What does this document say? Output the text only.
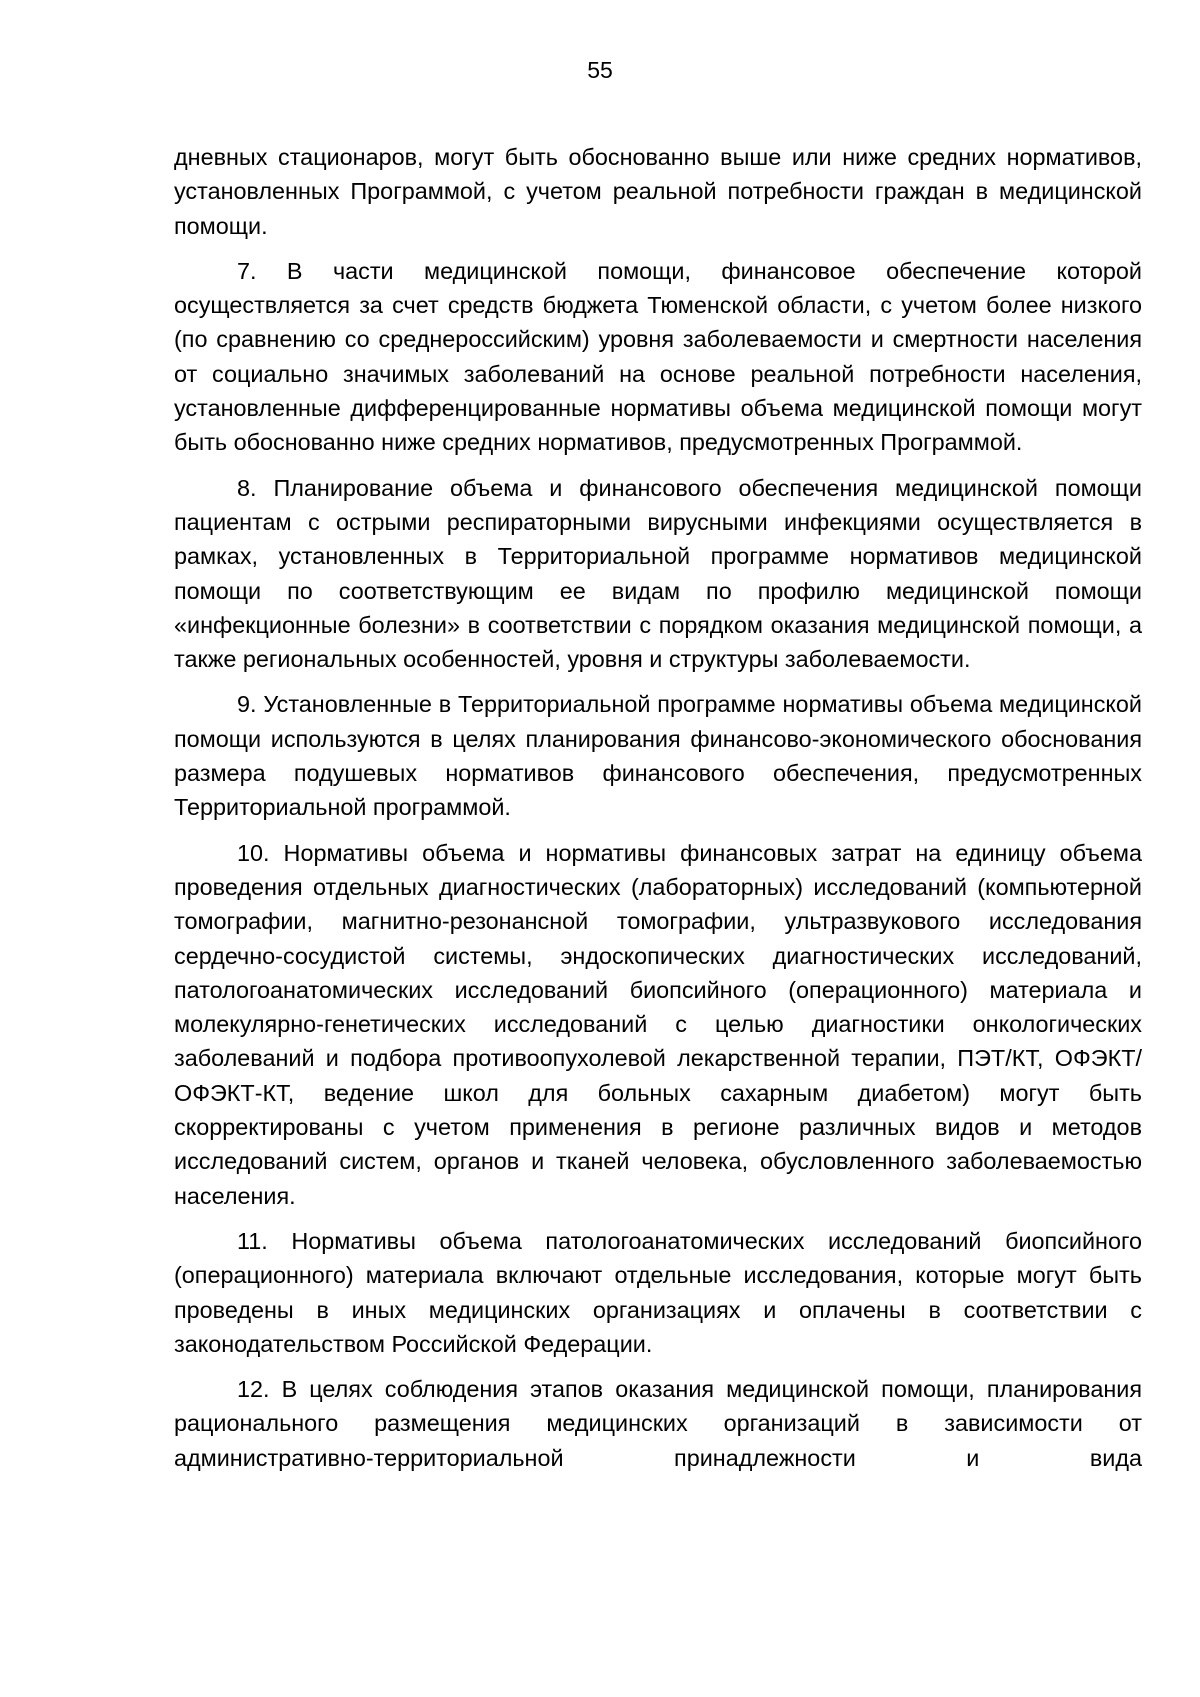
55

дневных стационаров, могут быть обоснованно выше или ниже средних нормативов, установленных Программой, с учетом реальной потребности граждан в медицинской помощи.

7. В части медицинской помощи, финансовое обеспечение которой осуществляется за счет средств бюджета Тюменской области, с учетом более низкого (по сравнению со среднероссийским) уровня заболеваемости и смертности населения от социально значимых заболеваний на основе реальной потребности населения, установленные дифференцированные нормативы объема медицинской помощи могут быть обоснованно ниже средних нормативов, предусмотренных Программой.

8. Планирование объема и финансового обеспечения медицинской помощи пациентам с острыми респираторными вирусными инфекциями осуществляется в рамках, установленных в Территориальной программе нормативов медицинской помощи по соответствующим ее видам по профилю медицинской помощи «инфекционные болезни» в соответствии с порядком оказания медицинской помощи, а также региональных особенностей, уровня и структуры заболеваемости.

9. Установленные в Территориальной программе нормативы объема медицинской помощи используются в целях планирования финансово-экономического обоснования размера подушевых нормативов финансового обеспечения, предусмотренных Территориальной программой.

10. Нормативы объема и нормативы финансовых затрат на единицу объема проведения отдельных диагностических (лабораторных) исследований (компьютерной томографии, магнитно-резонансной томографии, ультразвукового исследования сердечно-сосудистой системы, эндоскопических диагностических исследований, патологоанатомических исследований биопсийного (операционного) материала и молекулярно-генетических исследований с целью диагностики онкологических заболеваний и подбора противоопухолевой лекарственной терапии, ПЭТ/КТ, ОФЭКТ/ОФЭКТ-КТ, ведение школ для больных сахарным диабетом) могут быть скорректированы с учетом применения в регионе различных видов и методов исследований систем, органов и тканей человека, обусловленного заболеваемостью населения.

11. Нормативы объема патологоанатомических исследований биопсийного (операционного) материала включают отдельные исследования, которые могут быть проведены в иных медицинских организациях и оплачены в соответствии с законодательством Российской Федерации.

12. В целях соблюдения этапов оказания медицинской помощи, планирования рационального размещения медицинских организаций в зависимости от административно-территориальной принадлежности и вида
